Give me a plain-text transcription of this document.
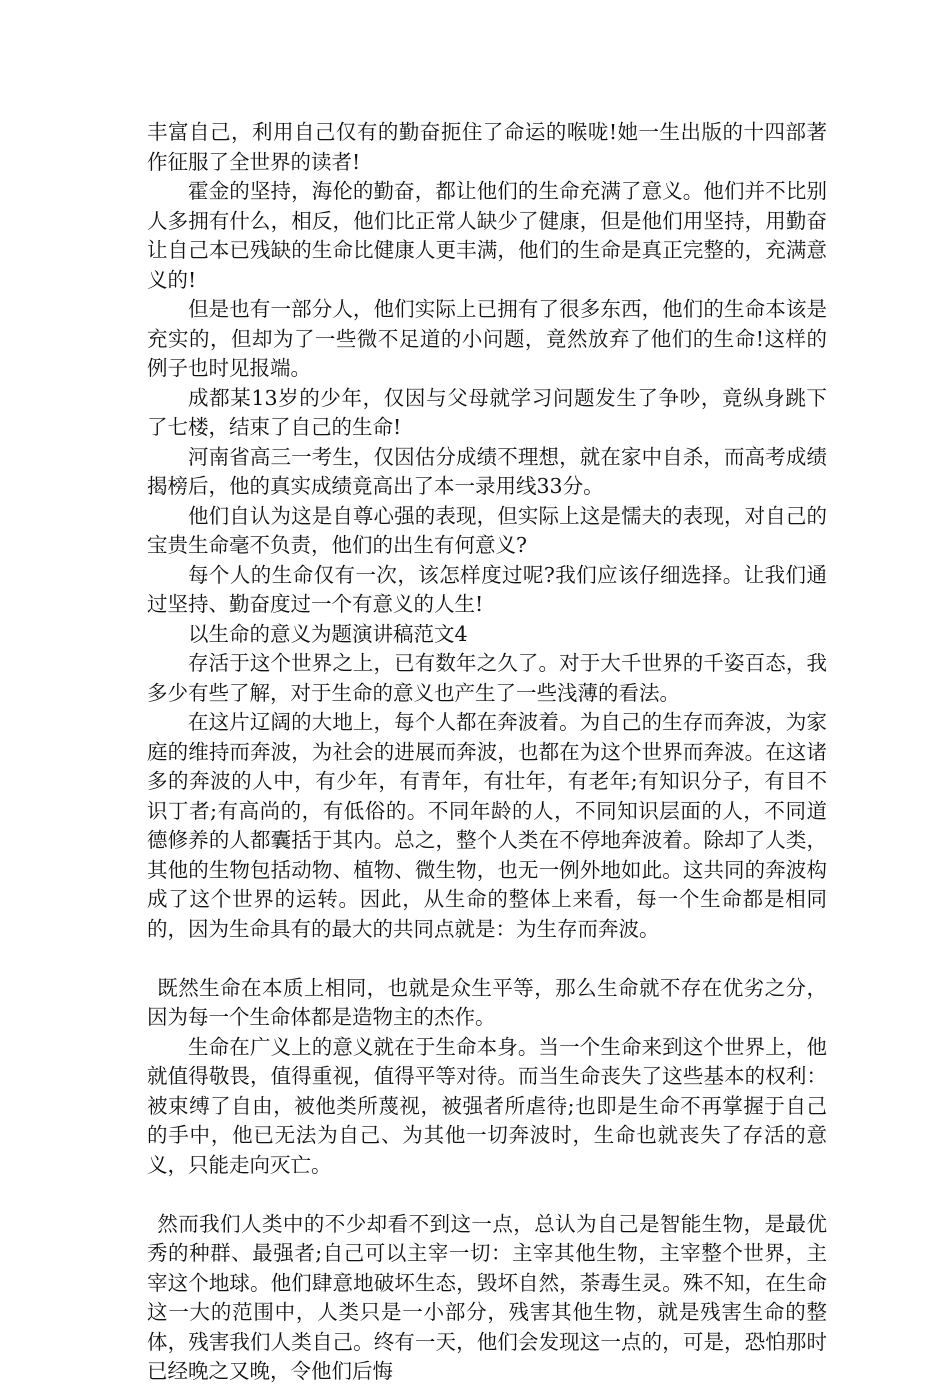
丰富自己，利用自己仅有的勤奋扼住了命运的喉咙!她一生出版的十四部著作征服了全世界的读者!

霍金的坚持，海伦的勤奋，都让他们的生命充满了意义。他们并不比别人多拥有什么，相反，他们比正常人缺少了健康，但是他们用坚持，用勤奋让自己本已残缺的生命比健康人更丰满，他们的生命是真正完整的，充满意义的!

但是也有一部分人，他们实际上已拥有了很多东西，他们的生命本该是充实的，但却为了一些微不足道的小问题，竟然放弃了他们的生命!这样的例子也时见报端。

成都某13岁的少年，仅因与父母就学习问题发生了争吵，竟纵身跳下了七楼，结束了自己的生命!

河南省高三一考生，仅因估分成绩不理想，就在家中自杀，而高考成绩揭榜后，他的真实成绩竟高出了本一录用线33分。

他们自认为这是自尊心强的表现，但实际上这是懦夫的表现，对自己的宝贵生命毫不负责，他们的出生有何意义?

每个人的生命仅有一次，该怎样度过呢?我们应该仔细选择。让我们通过坚持、勤奋度过一个有意义的人生!

以生命的意义为题演讲稿范文4

存活于这个世界之上，已有数年之久了。对于大千世界的千姿百态，我多少有些了解，对于生命的意义也产生了一些浅薄的看法。

在这片辽阔的大地上，每个人都在奔波着。为自己的生存而奔波，为家庭的维持而奔波，为社会的进展而奔波，也都在为这个世界而奔波。在这诸多的奔波的人中，有少年，有青年，有壮年，有老年;有知识分子，有目不识丁者;有高尚的，有低俗的。不同年龄的人，不同知识层面的人，不同道德修养的人都囊括于其内。总之，整个人类在不停地奔波着。除却了人类，其他的生物包括动物、植物、微生物，也无一例外地如此。这共同的奔波构成了这个世界的运转。因此，从生命的整体上来看，每一个生命都是相同的，因为生命具有的最大的共同点就是：为生存而奔波。

既然生命在本质上相同，也就是众生平等，那么生命就不存在优劣之分，因为每一个生命体都是造物主的杰作。

生命在广义上的意义就在于生命本身。当一个生命来到这个世界上，他就值得敬畏，值得重视，值得平等对待。而当生命丧失了这些基本的权利：被束缚了自由，被他类所蔑视，被强者所虐待;也即是生命不再掌握于自己的手中，他已无法为自己、为其他一切奔波时，生命也就丧失了存活的意义，只能走向灭亡。

然而我们人类中的不少却看不到这一点，总认为自己是智能生物，是最优秀的种群、最强者;自己可以主宰一切：主宰其他生物，主宰整个世界，主宰这个地球。他们肆意地破坏生态，毁坏自然，荼毒生灵。殊不知，在生命这一大的范围中，人类只是一小部分，残害其他生物，就是残害生命的整体，残害我们人类自己。终有一天，他们会发现这一点的，可是，恐怕那时已经晚之又晚，令他们后悔
